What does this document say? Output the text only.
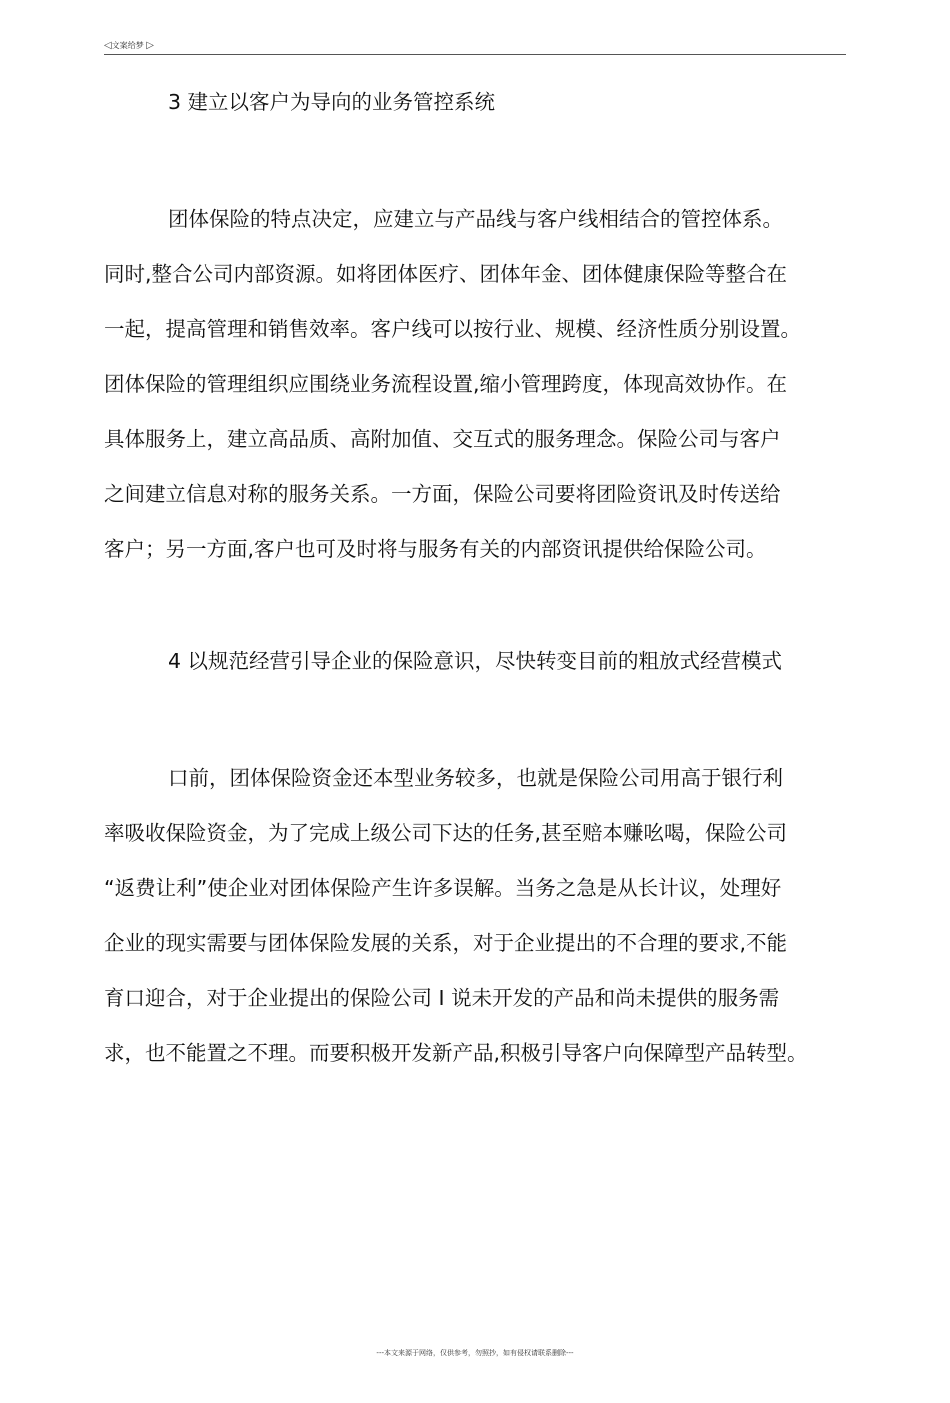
◁文案给梦 ▷
3 建立以客户为导向的业务管控系统

团体保险的特点决定，应建立与产品线与客户线相结合的管控体系。
同时,整合公司内部资源。如将团体医疗、团体年金、团体健康保险等整合在
一起，提高管理和销售效率。客户线可以按行业、规模、经济性质分别设置。
团体保险的管理组织应围绕业务流程设置,缩小管理跨度，体现高效协作。在
具体服务上，建立高品质、高附加值、交互式的服务理念。保险公司与客户
之间建立信息对称的服务关系。一方面，保险公司要将团险资讯及时传送给
客户；另一方面,客户也可及时将与服务有关的内部资讯提供给保险公司。

4 以规范经营引导企业的保险意识，尽快转变目前的粗放式经营模式

口前，团体保险资金还本型业务较多，也就是保险公司用高于银行利
率吸收保险资金，为了完成上级公司下达的任务,甚至赔本赚吆喝，保险公司
“返费让利”使企业对团体保险产生许多误解。当务之急是从长计议，处理好
企业的现实需要与团体保险发展的关系，对于企业提出的不合理的要求,不能
育口迎合，对于企业提出的保险公司 I 说未开发的产品和尚未提供的服务需
求，也不能置之不理。而要积极开发新产品,积极引导客户向保障型产品转型。

---本文来源于网络，仅供参考，勿照抄，如有侵权请联系删除---
